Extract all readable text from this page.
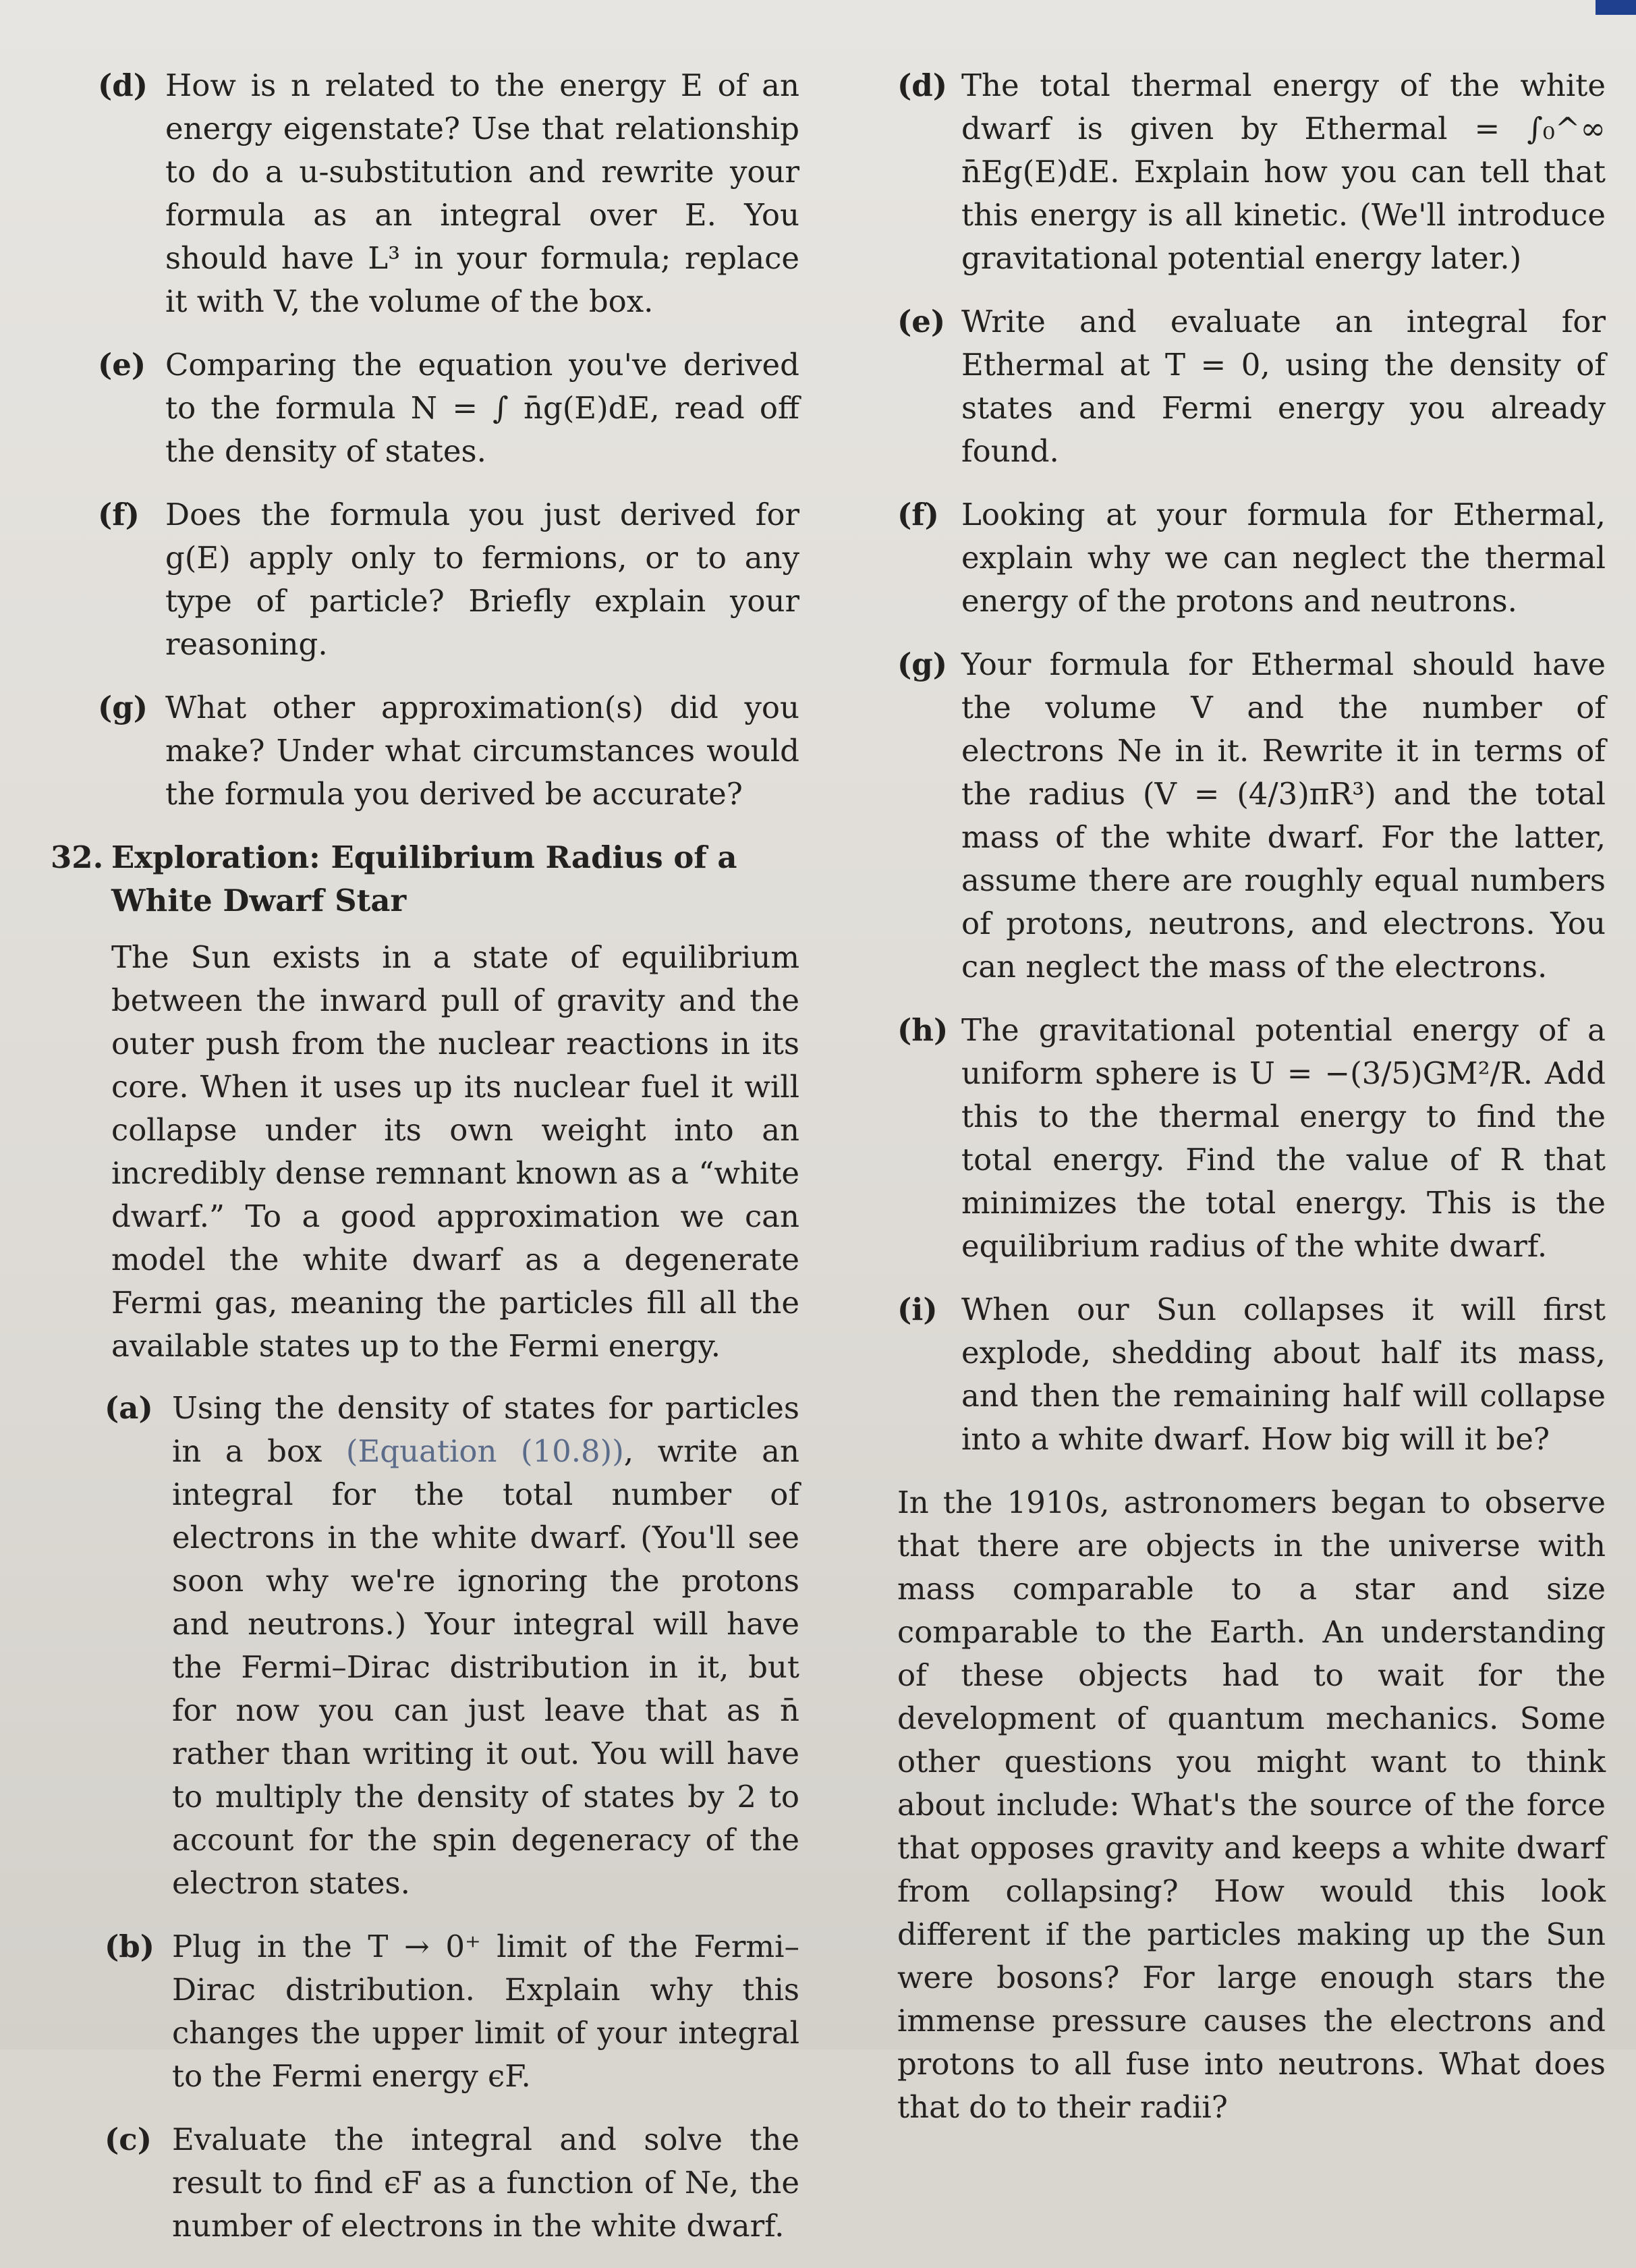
(d) How is n related to the energy E of an energy eigenstate? Use that relationship to do a u-substitution and rewrite your formula as an integral over E. You should have L³ in your formula; replace it with V, the volume of the box.
(e) Comparing the equation you've derived to the formula N = ∫ n̄g(E)dE, read off the density of states.
(f) Does the formula you just derived for g(E) apply only to fermions, or to any type of particle? Briefly explain your reasoning.
(g) What other approximation(s) did you make? Under what circumstances would the formula you derived be accurate?
32. Exploration: Equilibrium Radius of a White Dwarf Star
The Sun exists in a state of equilibrium between the inward pull of gravity and the outer push from the nuclear reactions in its core. When it uses up its nuclear fuel it will collapse under its own weight into an incredibly dense remnant known as a “white dwarf.” To a good approximation we can model the white dwarf as a degenerate Fermi gas, meaning the particles fill all the available states up to the Fermi energy.
(a) Using the density of states for particles in a box (Equation (10.8)), write an integral for the total number of electrons in the white dwarf. (You'll see soon why we're ignoring the protons and neutrons.) Your integral will have the Fermi–Dirac distribution in it, but for now you can just leave that as n̄ rather than writing it out. You will have to multiply the density of states by 2 to account for the spin degeneracy of the electron states.
(b) Plug in the T → 0⁺ limit of the Fermi–Dirac distribution. Explain why this changes the upper limit of your integral to the Fermi energy ϵF.
(c) Evaluate the integral and solve the result to find ϵF as a function of Ne, the number of electrons in the white dwarf.
(d) The total thermal energy of the white dwarf is given by Ethermal = ∫₀^∞ n̄Eg(E)dE. Explain how you can tell that this energy is all kinetic. (We'll introduce gravitational potential energy later.)
(e) Write and evaluate an integral for Ethermal at T = 0, using the density of states and Fermi energy you already found.
(f) Looking at your formula for Ethermal, explain why we can neglect the thermal energy of the protons and neutrons.
(g) Your formula for Ethermal should have the volume V and the number of electrons Ne in it. Rewrite it in terms of the radius (V = (4/3)πR³) and the total mass of the white dwarf. For the latter, assume there are roughly equal numbers of protons, neutrons, and electrons. You can neglect the mass of the electrons.
(h) The gravitational potential energy of a uniform sphere is U = −(3/5)GM²/R. Add this to the thermal energy to find the total energy. Find the value of R that minimizes the total energy. This is the equilibrium radius of the white dwarf.
(i) When our Sun collapses it will first explode, shedding about half its mass, and then the remaining half will collapse into a white dwarf. How big will it be?
In the 1910s, astronomers began to observe that there are objects in the universe with mass comparable to a star and size comparable to the Earth. An understanding of these objects had to wait for the development of quantum mechanics. Some other questions you might want to think about include: What's the source of the force that opposes gravity and keeps a white dwarf from collapsing? How would this look different if the particles making up the Sun were bosons? For large enough stars the immense pressure causes the electrons and protons to all fuse into neutrons. What does that do to their radii?
